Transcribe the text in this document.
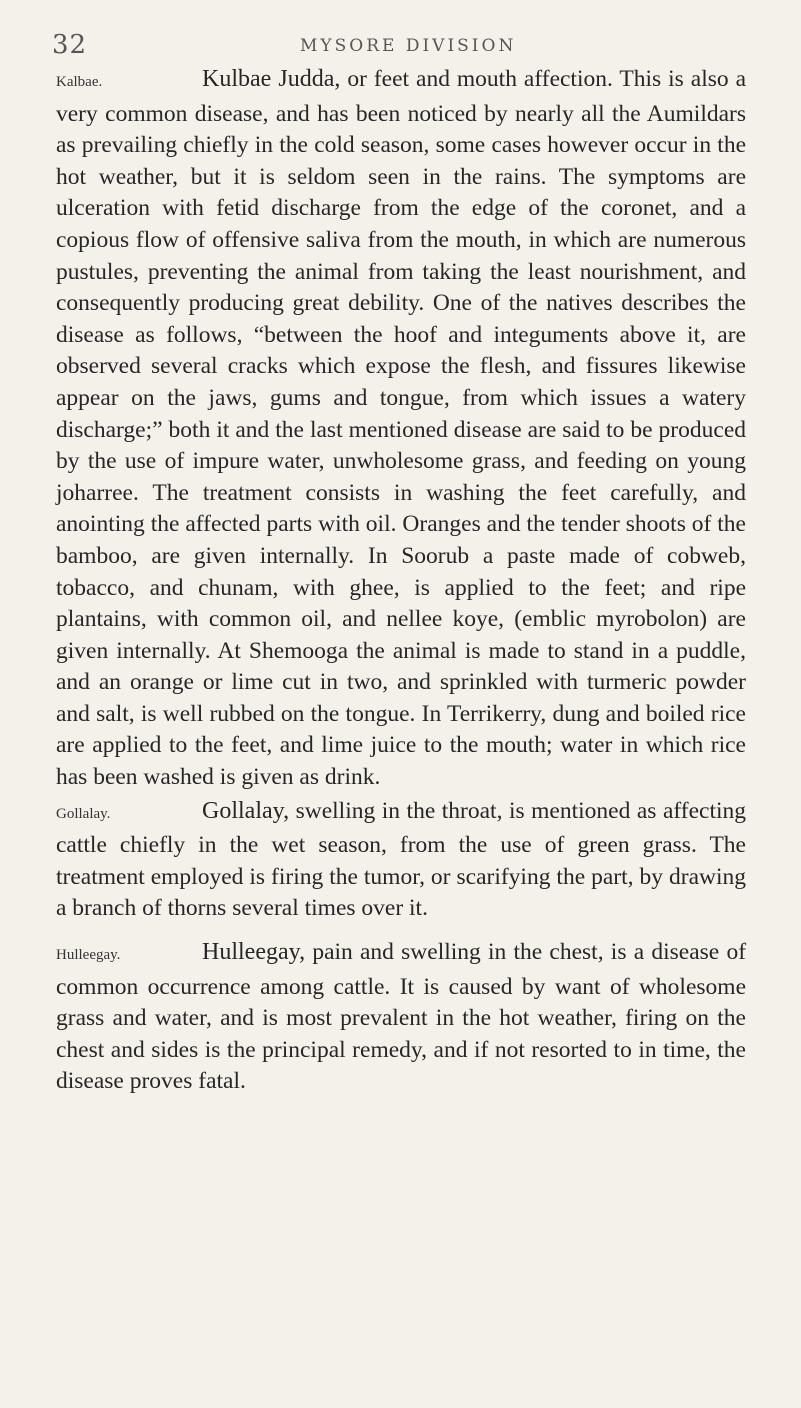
32	MYSORE DIVISION

Kalbae.	Kulbae Judda, or feet and mouth affection. This is also a very common disease, and has been noticed by nearly all the Aumildars as prevailing chiefly in the cold season, some cases however occur in the hot weather, but it is seldom seen in the rains. The symptoms are ulceration with fetid discharge from the edge of the coronet, and a copious flow of offensive saliva from the mouth, in which are numerous pustules, preventing the animal from taking the least nourishment, and consequently producing great debility. One of the natives describes the disease as follows, “between the hoof and integuments above it, are observed several cracks which expose the flesh, and fissures likewise appear on the jaws, gums and tongue, from which issues a watery discharge;” both it and the last mentioned disease are said to be produced by the use of impure water, unwholesome grass, and feeding on young joharree. The treatment consists in washing the feet carefully, and anointing the affected parts with oil. Oranges and the tender shoots of the bamboo, are given internally. In Soorub a paste made of cobweb, tobacco, and chunam, with ghee, is applied to the feet; and ripe plantains, with common oil, and nellee koye, (emblic myrobolon) are given internally. At Shemooga the animal is made to stand in a puddle, and an orange or lime cut in two, and sprinkled with turmeric powder and salt, is well rubbed on the tongue. In Terrikerry, dung and boiled rice are applied to the feet, and lime juice to the mouth; water in which rice has been washed is given as drink.

Gollalay.	Gollalay, swelling in the throat, is mentioned as affecting cattle chiefly in the wet season, from the use of green grass. The treatment employed is firing the tumor, or scarifying the part, by drawing a branch of thorns several times over it.

Hulleegay.	Hulleegay, pain and swelling in the chest, is a disease of common occurrence among cattle. It is caused by want of wholesome grass and water, and is most prevalent in the hot weather, firing on the chest and sides is the principal remedy, and if not resorted to in time, the disease proves fatal.
